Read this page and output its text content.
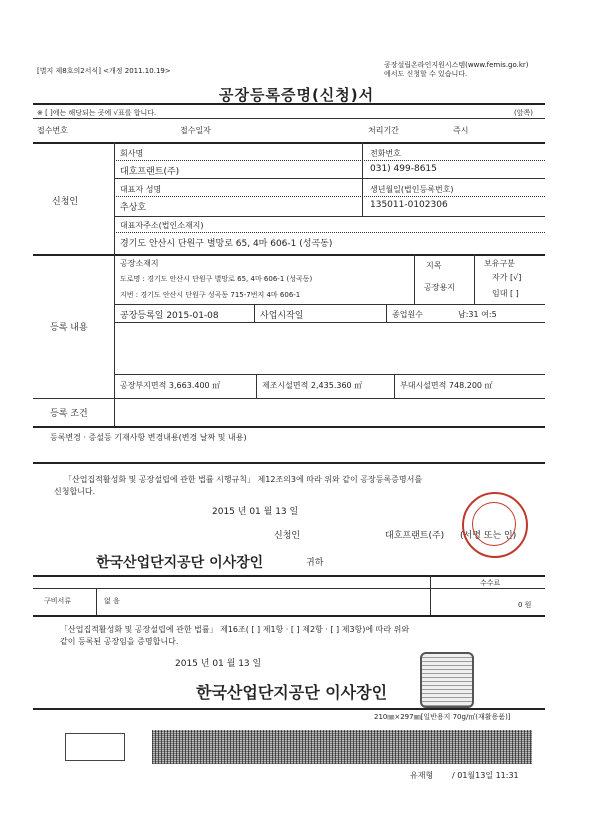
[별지 제8호의2서식] <개정 2011.10.19>
공장설립온라인지원시스템(www.femis.go.kr)
에서도 신청할 수 있습니다.
공장등록증명(신청)서
※ [ ]에는 해당되는 곳에 √표를 합니다.	(앞쪽)
접수번호	접수일자	처리기간	즉시
신청인
회사명	전화번호
대호프랜트(주)	031) 499-8615
대표자 성명	생년월일(법인등록번호)
추상호	135011-0102306
대표자주소(법인소재지)
경기도 안산시 단원구 별망로 65, 4마 606-1 (성곡동)
등록 내용
공장소재지
도로명 : 경기도 안산시 단원구 별망로 65, 4마 606-1 (성곡동)
지번 : 경기도 안산시 단원구 성곡동 715-7번지 4마 606-1
지목
공장용지
보유구분
자가 [√]
임대 [ ]
공장등록일 2015-01-08	사업시작일	종업원수	남:31 여:5
공장부지면적 3,663.400 ㎡	제조시설면적 2,435.360 ㎡	부대시설면적 748.200 ㎡
등록 조건
등록변경 · 증설등 기재사항 변경내용(변경 날짜 및 내용)
「산업집적활성화 및 공장설립에 관한 법률 시행규칙」 제12조의3에 따라 위와 같이 공장등록증명서를
신청합니다.
2015 년 01 월 13 일
신청인	대호프랜트(주) (서명 또는 인)
한국산업단지공단 이사장인	귀하
수수료
구비서류	없 음	0 원
「산업집적활성화 및 공장설립에 관한 법률」 제16조( [ ] 제1항 · [ ] 제2항 · [ ] 제3항)에 따라 위와
같이 등록된 공장임을 증명합니다.
2015 년 01 월 13 일
한국산업단지공단 이사장인
210㎜×297㎜[일반용지 70g/㎡(재활용품)]
유재형 / 01월13일 11:31
